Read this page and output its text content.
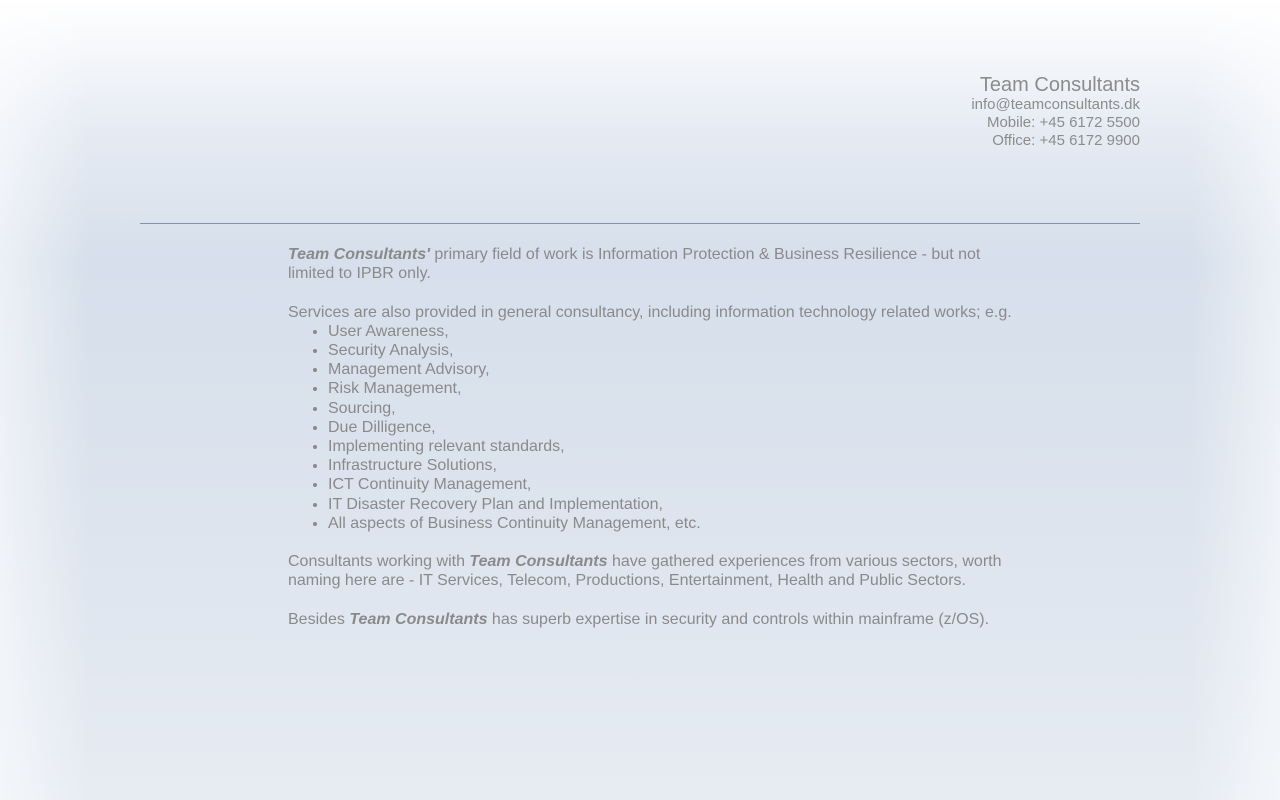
Team Consultants
info@teamconsultants.dk
Mobile: +45 6172 5500
Office: +45 6172 9900

Team Consultants' primary field of work is Information Protection & Business Resilience - but not limited to IPBR only.

Services are also provided in general consultancy, including information technology related works; e.g.
• User Awareness,
• Security Analysis,
• Management Advisory,
• Risk Management,
• Sourcing,
• Due Dilligence,
• Implementing relevant standards,
• Infrastructure Solutions,
• ICT Continuity Management,
• IT Disaster Recovery Plan and Implementation,
• All aspects of Business Continuity Management, etc.

Consultants working with Team Consultants have gathered experiences from various sectors, worth naming here are - IT Services, Telecom, Productions, Entertainment, Health and Public Sectors.

Besides Team Consultants has superb expertise in security and controls within mainframe (z/OS).
